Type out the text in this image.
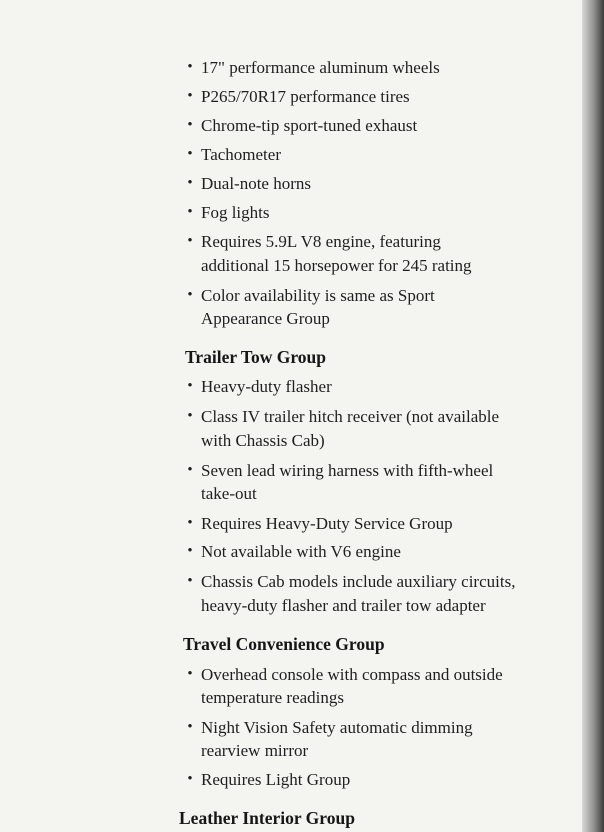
• 17" performance aluminum wheels
• P265/70R17 performance tires
• Chrome-tip sport-tuned exhaust
• Tachometer
• Dual-note horns
• Fog lights
• Requires 5.9L V8 engine, featuring
additional 15 horsepower for 245 rating
• Color availability is same as Sport
Appearance Group
Trailer Tow Group
• Heavy-duty flasher
• Class IV trailer hitch receiver (not available
with Chassis Cab)
• Seven lead wiring harness with fifth-wheel
take-out
• Requires Heavy-Duty Service Group
• Not available with V6 engine
• Chassis Cab models include auxiliary circuits,
heavy-duty flasher and trailer tow adapter
Travel Convenience Group
• Overhead console with compass and outside
temperature readings
• Night Vision Safety automatic dimming
rearview mirror
• Requires Light Group
Leather Interior Group
